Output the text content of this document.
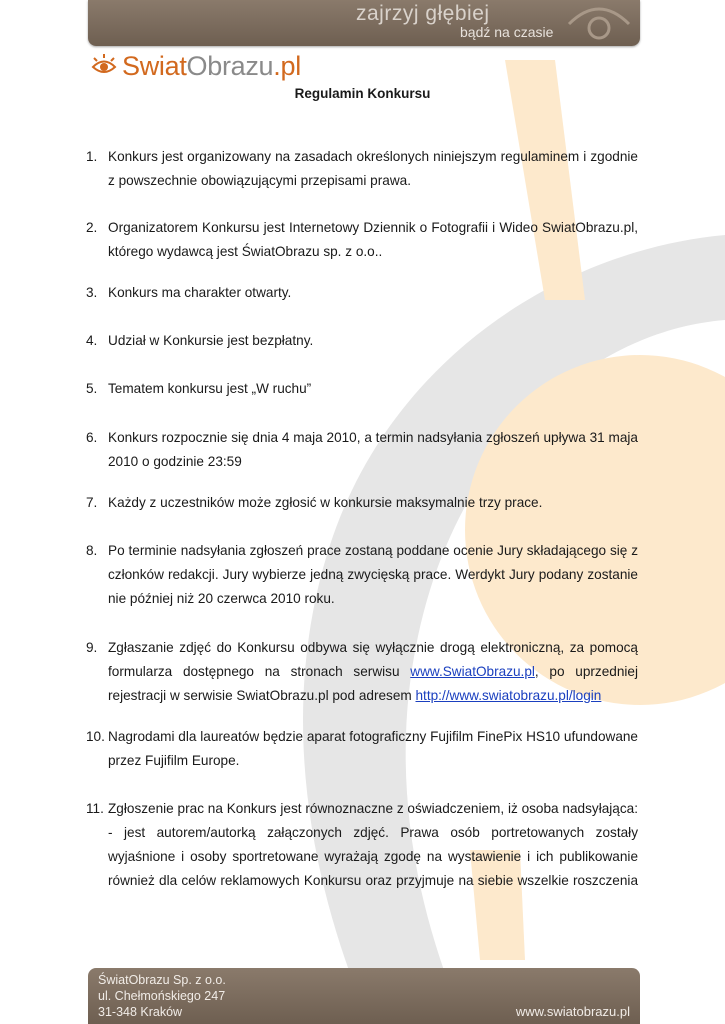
zajrzyj głębiej
bądź na czasie
SwiatObrazu.pl
Regulamin Konkursu
1. Konkurs jest organizowany na zasadach określonych niniejszym regulaminem i zgodnie z powszechnie obowiązującymi przepisami prawa.
2. Organizatorem Konkursu jest Internetowy Dziennik o Fotografii i Wideo SwiatObrazu.pl, którego wydawcą jest ŚwiatObrazu sp. z o.o..
3. Konkurs ma charakter otwarty.
4. Udział w Konkursie jest bezpłatny.
5. Tematem konkursu jest „W ruchu”
6. Konkurs rozpocznie się dnia 4 maja 2010, a termin nadsyłania zgłoszeń upływa 31 maja 2010 o godzinie 23:59
7. Każdy z uczestników może zgłosić w konkursie maksymalnie trzy prace.
8. Po terminie nadsyłania zgłoszeń prace zostaną poddane ocenie Jury składającego się z członków redakcji. Jury wybierze jedną zwycięską prace. Werdykt Jury podany zostanie nie później niż 20 czerwca 2010 roku.
9. Zgłaszanie zdjęć do Konkursu odbywa się wyłącznie drogą elektroniczną, za pomocą formularza dostępnego na stronach serwisu www.SwiatObrazu.pl, po uprzedniej rejestracji w serwisie SwiatObrazu.pl pod adresem http://www.swiatobrazu.pl/login
10. Nagrodami dla laureatów będzie aparat fotograficzny Fujifilm FinePix HS10 ufundowane przez Fujifilm Europe.
11. Zgłoszenie prac na Konkurs jest równoznaczne z oświadczeniem, iż osoba nadsyłająca: - jest autorem/autorką załączonych zdjęć. Prawa osób portretowanych zostały wyjaśnione i osoby sportretowane wyrażają zgodę na wystawienie i ich publikowanie również dla celów reklamowych Konkursu oraz przyjmuje na siebie wszelkie roszczenia
ŚwiatObrazu Sp. z o.o.
ul. Chełmońskiego 247
31-348 Kraków	www.swiatobrazu.pl
